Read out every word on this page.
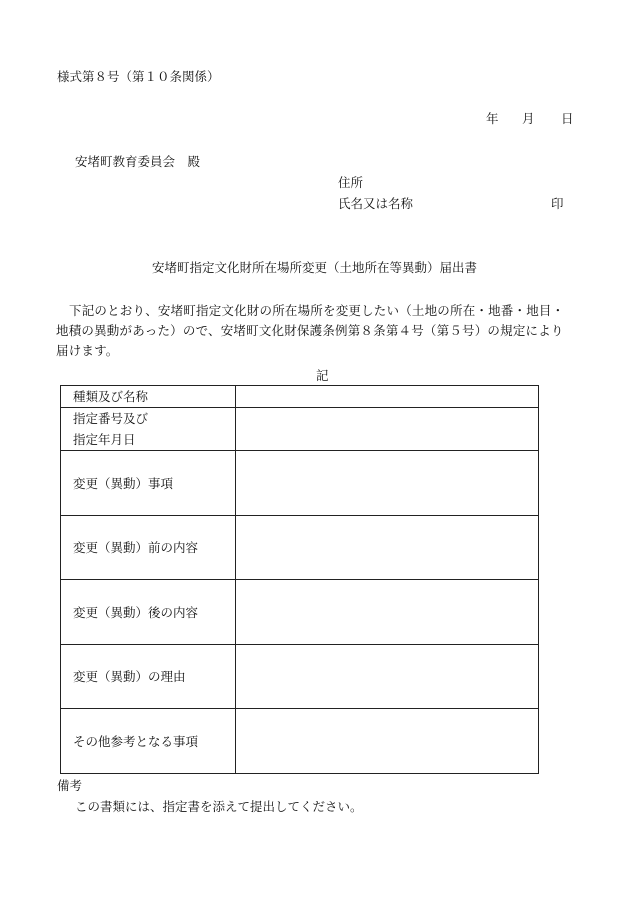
様式第８号（第１０条関係）
年 月 日
安堵町教育委員会　殿
住所
氏名又は名称	印
安堵町指定文化財所在場所変更（土地所在等異動）届出書
下記のとおり、安堵町指定文化財の所在場所を変更したい（土地の所在・地番・地目・地積の異動があった）ので、安堵町文化財保護条例第８条第４号（第５号）の規定により届けます。
記
種類及び名称	
指定番号及び
指定年月日	
変更（異動）事項	
変更（異動）前の内容	
変更（異動）後の内容	
変更（異動）の理由	
その他参考となる事項	
備考
この書類には、指定書を添えて提出してください。
